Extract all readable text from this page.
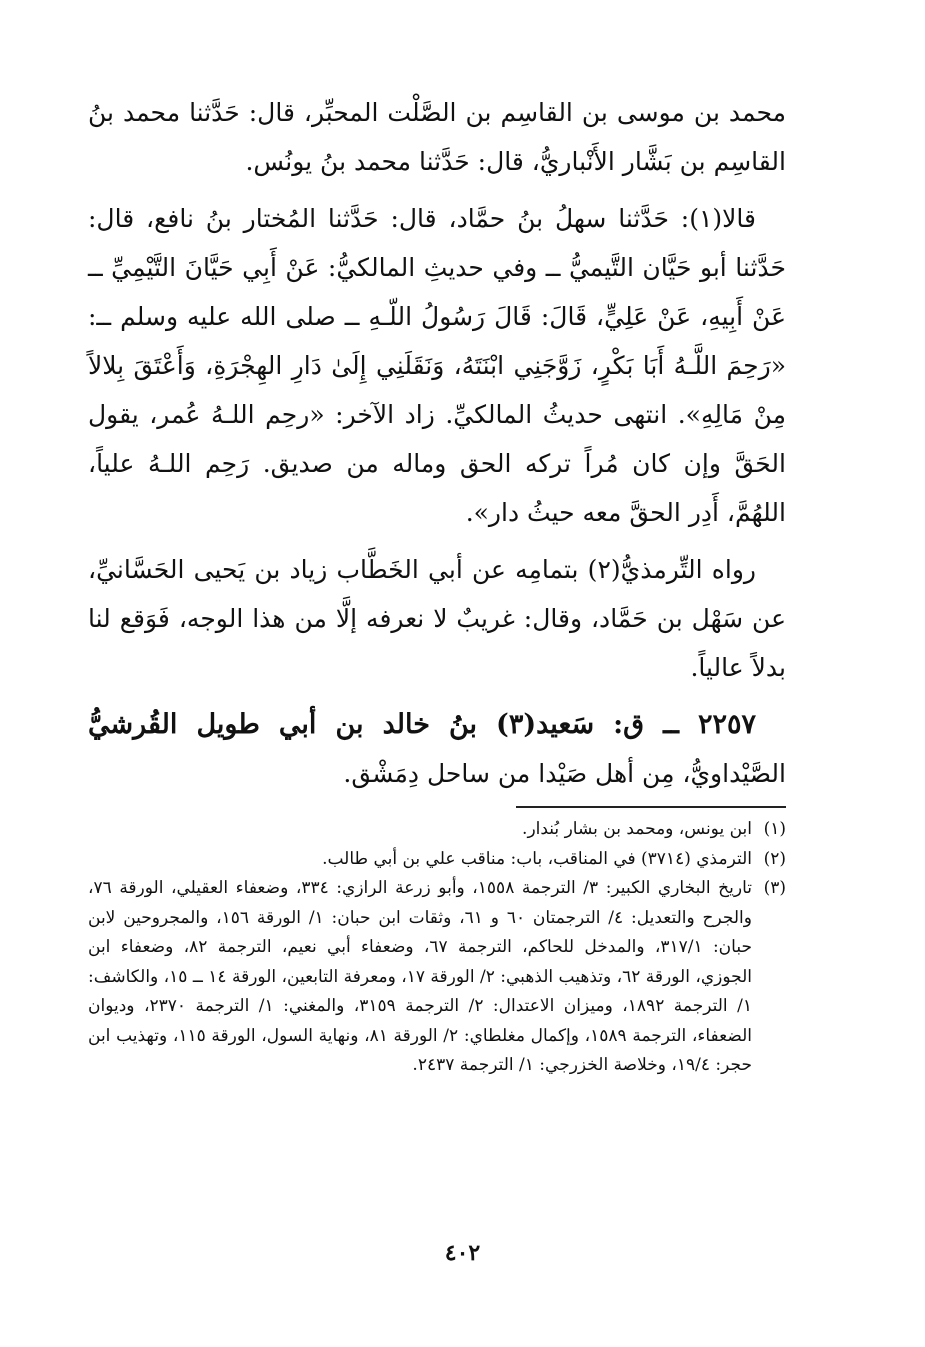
محمد بن موسى بن القاسِم بن الصَّلْت المحبِّر، قال: حَدَّثنا محمد بنُ القاسِم بن بَشَّار الأَنْباريُّ، قال: حَدَّثنا محمد بنُ يونُس.

قالا(١): حَدَّثنا سهلُ بنُ حمَّاد، قال: حَدَّثنا المُختار بنُ نافع، قال: حَدَّثنا أبو حَيَّان التَّيميُّ ــ وفي حديثِ المالكيُّ: عَنْ أَبِي حَيَّانَ التَّيْمِيِّ ــ عَنْ أَبِيهِ، عَنْ عَلِيٍّ، قَالَ: قَالَ رَسُولُ اللّـهِ ــ صلى الله عليه وسلم ــ: «رَحِمَ اللَّـهُ أَبَا بَكْرٍ، زَوَّجَنِي ابْنَتَهُ، وَنَقَلَنِي إِلَىٰ دَارِ الهِجْرَةِ، وَأَعْتَقَ بِلالاً مِنْ مَالِهِ». انتهى حديثُ المالكيِّ. زاد الآخر: «رحِم اللـهُ عُمر، يقول الحَقَّ وإن كان مُراً تركه الحق وماله من صديق. رَحِم اللـهُ علياً، اللهُمَّ، أَدِر الحقَّ معه حيثُ دار».

رواه التِّرمذيُّ(٢) بتمامِه عن أبي الخَطَّاب زياد بن يَحيى الحَسَّانيِّ، عن سَهْل بن حَمَّاد، وقال: غريبٌ لا نعرفه إلَّا من هذا الوجه، فَوَقع لنا بدلاً عالياً.

٢٢٥٧ ــ ق: سَعيد(٣) بنُ خالد بن أبي طويل القُرشيُّ الصَّيْداويُّ، مِن أهل صَيْدا من ساحل دِمَشْق.

(١)
ابن يونس، ومحمد بن بشار بُندار.
(٢)
الترمذي (٣٧١٤) في المناقب، باب: مناقب علي بن أبي طالب.
(٣)
تاريخ البخاري الكبير: ٣/ الترجمة ١٥٥٨، وأبو زرعة الرازي: ٣٣٤، وضعفاء العقيلي، الورقة ٧٦، والجرح والتعديل: ٤/ الترجمتان ٦٠ و ٦١، وثقات ابن حبان: ١/ الورقة ١٥٦، والمجروحين لابن حبان: ٣١٧/١، والمدخل للحاكم، الترجمة ٦٧، وضعفاء أبي نعيم، الترجمة ٨٢، وضعفاء ابن الجوزي، الورقة ٦٢، وتذهيب الذهبي: ٢/ الورقة ١٧، ومعرفة التابعين، الورقة ١٤ ــ ١٥، والكاشف: ١/ الترجمة ١٨٩٢، وميزان الاعتدال: ٢/ الترجمة ٣١٥٩، والمغني: ١/ الترجمة ٢٣٧٠، وديوان الضعفاء، الترجمة ١٥٨٩، وإكمال مغلطاي: ٢/ الورقة ٨١، ونهاية السول، الورقة ١١٥، وتهذيب ابن حجر: ١٩/٤، وخلاصة الخزرجي: ١/ الترجمة ٢٤٣٧.
٤٠٢
